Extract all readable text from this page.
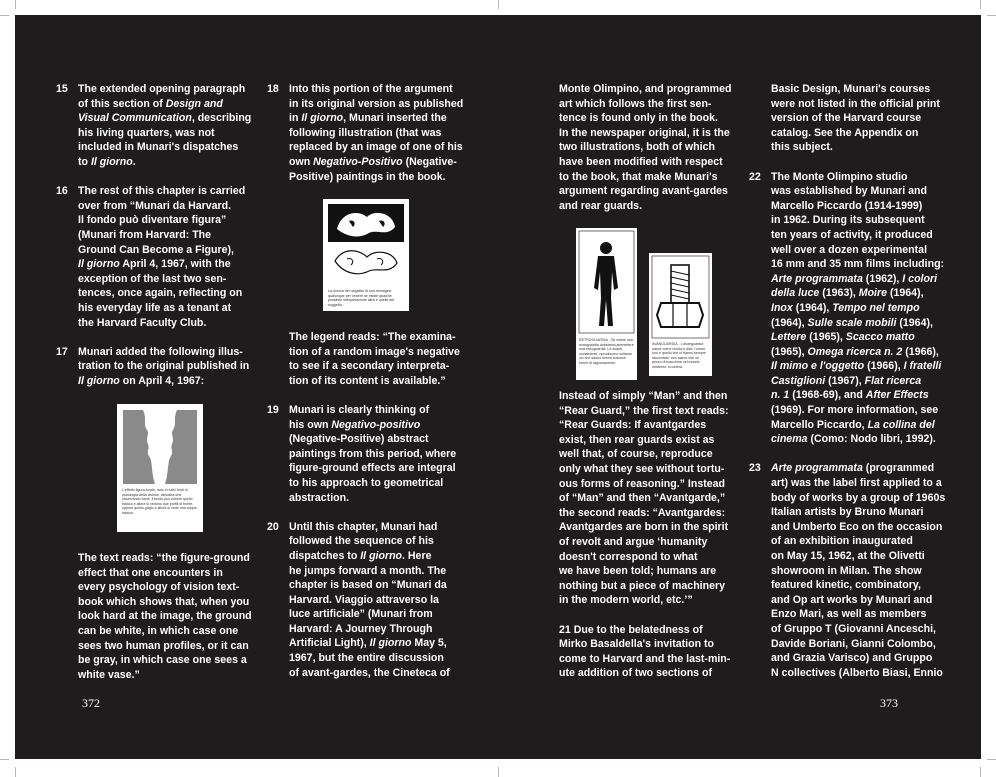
15 The extended opening paragraph
of this section of Design and
Visual Communication, describing
his living quarters, was not
included in Munari's dispatches
to Il giorno.
16 The rest of this chapter is carried
over from “Munari da Harvard.
Il fondo può diventare figura”
(Munari from Harvard: The
Ground Can Become a Figure),
Il giorno April 4, 1967, with the
exception of the last two sen-
tences, once again, reflecting on
his everyday life as a tenant at
the Harvard Faculty Club.
17 Munari added the following illus-
tration to the original published in
Il giorno on April 4, 1967:
L'effetto figura-fondo, noto in tutti i testi di psicologia della visione, dimostra che, osservando bene, il fondo può essere quello bianco e allora si vedono due profili di fronte, oppure quello grigio e allora si vede una coppa bianca.
The text reads: “the figure-ground
effect that one encounters in
every psychology of vision text-
book which shows that, when you
look hard at the image, the ground
can be white, in which case one
sees two human profiles, or it can
be gray, in which case one sees a
white vase.”
372
18 Into this portion of the argument
in its original version as published
in Il giorno, Munari inserted the
following illustration (that was
replaced by an image of one of his
own Negativo-Positivo (Negative-
Positive) paintings in the book.
La ricerca del negativo di una immagine qualunque per vedere se esiste qualche possibile interpretazione altra e quella del soggetto.
The legend reads: “The examina-
tion of a random image's negative
to see if a secondary interpreta-
tion of its content is available.”
19 Munari is clearly thinking of
his own Negativo-positivo
(Negative-Positive) abstract
paintings from this period, where
figure-ground effects are integral
to his approach to geometrical
abstraction.
20 Until this chapter, Munari had
followed the sequence of his
dispatches to Il giorno. Here
he jumps forward a month. The
chapter is based on “Munari da
Harvard. Viaggio attraverso la
luce artificiale” (Munari from
Harvard: A Journey Through
Artificial Light), Il giorno May 5,
1967, but the entire discussion
of avant-gardes, the Cineteca of
Monte Olimpino, and programmed
art which follows the first sen-
tence is found only in the book.
In the newspaper original, it is the
two illustrations, both of which
have been modified with respect
to the book, that make Munari's
argument regarding avant-gardes
and rear guards.
RETROGUARDIA - Se esiste una avanguardia dobbiamo ammettere una retroguardia. Le avanti, ovviamente, riproducono soltanto ciò che sanno senza tortuose forme di ragionamento.
AVANGUARDIA - L'avanguardia nasce come rivolta e dice: l'uomo non è quello che ci hanno sempre raccontato: non siamo che un pezzo di macchina nel mondo moderno, eccetera.
Instead of simply “Man” and then
“Rear Guard,” the first text reads:
“Rear Guards: If avantgardes
exist, then rear guards exist as
well that, of course, reproduce
only what they see without tortu-
ous forms of reasoning.” Instead
of “Man” and then “Avantgarde,”
the second reads: “Avantgardes:
Avantgardes are born in the spirit
of revolt and argue ‘humanity
doesn't correspond to what
we have been told; humans are
nothing but a piece of machinery
in the modern world, etc.’”
21 Due to the belatedness of
Mirko Basaldella's invitation to
come to Harvard and the last-min-
ute addition of two sections of
Basic Design, Munari's courses
were not listed in the official print
version of the Harvard course
catalog. See the Appendix on
this subject.
22 The Monte Olimpino studio
was established by Munari and
Marcello Piccardo (1914-1999)
in 1962. During its subsequent
ten years of activity, it produced
well over a dozen experimental
16 mm and 35 mm films including:
Arte programmata (1962), I colori
della luce (1963), Moire (1964),
Inox (1964), Tempo nel tempo
(1964), Sulle scale mobili (1964),
Lettere (1965), Scacco matto
(1965), Omega ricerca n. 2 (1966),
Il mimo e l'oggetto (1966), I fratelli
Castiglioni (1967), Flat ricerca
n. 1 (1968-69), and After Effects
(1969). For more information, see
Marcello Piccardo, La collina del
cinema (Como: Nodo libri, 1992).
23 Arte programmata (programmed
art) was the label first applied to a
body of works by a group of 1960s
Italian artists by Bruno Munari
and Umberto Eco on the occasion
of an exhibition inaugurated
on May 15, 1962, at the Olivetti
showroom in Milan. The show
featured kinetic, combinatory,
and Op art works by Munari and
Enzo Mari, as well as members
of Gruppo T (Giovanni Anceschi,
Davide Boriani, Gianni Colombo,
and Grazia Varisco) and Gruppo
N collectives (Alberto Biasi, Ennio
373
